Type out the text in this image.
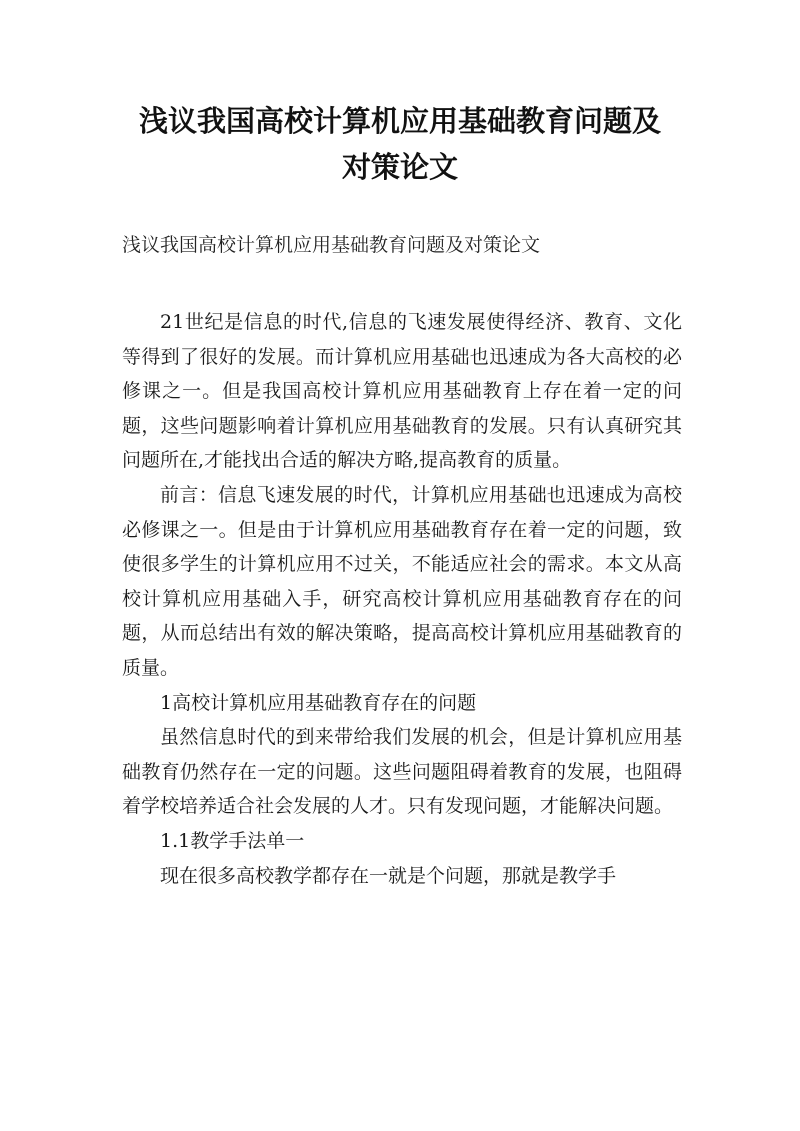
浅议我国高校计算机应用基础教育问题及
对策论文

浅议我国高校计算机应用基础教育问题及对策论文

21世纪是信息的时代,信息的飞速发展使得经济、教育、文化等得到了很好的发展。而计算机应用基础也迅速成为各大高校的必修课之一。但是我国高校计算机应用基础教育上存在着一定的问题，这些问题影响着计算机应用基础教育的发展。只有认真研究其问题所在,才能找出合适的解决方略,提高教育的质量。

前言：信息飞速发展的时代，计算机应用基础也迅速成为高校必修课之一。但是由于计算机应用基础教育存在着一定的问题，致使很多学生的计算机应用不过关，不能适应社会的需求。本文从高校计算机应用基础入手，研究高校计算机应用基础教育存在的问题，从而总结出有效的解决策略，提高高校计算机应用基础教育的质量。

1高校计算机应用基础教育存在的问题

虽然信息时代的到来带给我们发展的机会，但是计算机应用基础教育仍然存在一定的问题。这些问题阻碍着教育的发展，也阻碍着学校培养适合社会发展的人才。只有发现问题，才能解决问题。

1.1教学手法单一

现在很多高校教学都存在一就是个问题，那就是教学手
